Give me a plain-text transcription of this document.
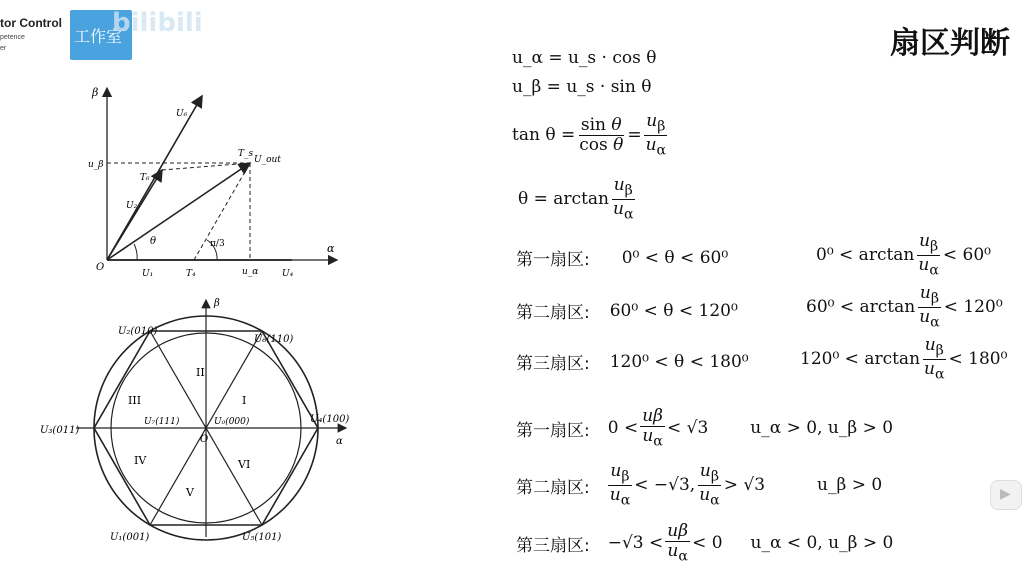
tor Control
petence
er
工作室
bilibili
扇区判断
β
α
O
u_β
u_α
U₆
U₂
U₁	U₄
T₆
T₄
T_s
U_out
θ	π/3
U₂(010)
U₆(110)
U₃(011)
U₄(100)
U₁(001)	U₅(101)
U₇(111)	U₀(000)
O	α
β
I
II
III
IV
V
VI
u_α = u_s · cos θ
u_β = u_s · sin θ
$\tan \theta = \frac{\text{sin θ}}{\text{cos θ}} = \frac{u_\beta}{u_\alpha}$
$\theta = \arctan \frac{u_\beta}{u_\alpha}$
第一扇区: 0⁰ < θ < 60⁰	$0^0 < \arctan \frac{u_\beta}{u_\alpha} < 60^0$
第二扇区: 60⁰ < θ < 120⁰	$60^0 < \arctan \frac{u_\beta}{u_\alpha} < 120^0$
第三扇区: 120⁰ < θ < 180⁰	$120^0 < \arctan \frac{u_\beta}{u_\alpha} < 180^0$
第一扇区: $0 < \frac{u\beta}{u_\alpha} < √3$ u_α > 0, u_β > 0
第二扇区: $\frac{u_\beta}{u_\alpha} < -√3$, $\frac{u_\beta}{u_\alpha} > √3$	u_β > 0
第三扇区: $-√3 < \frac{u\beta}{u_\alpha} < 0$ u_α < 0, u_β > 0
▶
